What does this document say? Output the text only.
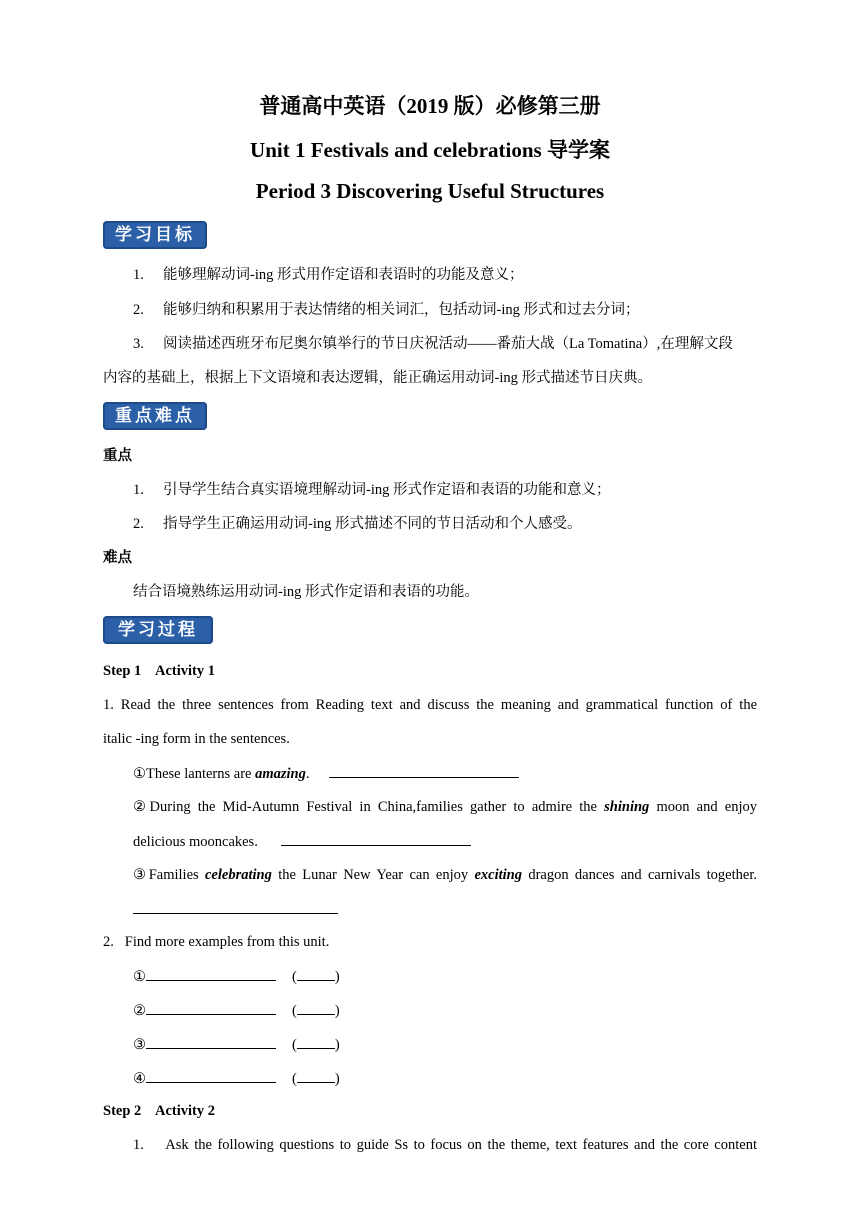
普通高中英语（2019 版）必修第三册
Unit 1 Festivals and celebrations 导学案
Period 3 Discovering Useful Structures
学习目标
1. 能够理解动词-ing 形式用作定语和表语时的功能及意义；
2. 能够归纳和积累用于表达情绪的相关词汇，包括动词-ing 形式和过去分词；
3. 阅读描述西班牙布尼奥尔镇举行的节日庆祝活动——番茄大战（La Tomatina）,在理解文段
内容的基础上，根据上下文语境和表达逻辑，能正确运用动词-ing 形式描述节日庆典。
重点难点
重点
1. 引导学生结合真实语境理解动词-ing 形式作定语和表语的功能和意义；
2. 指导学生正确运用动词-ing 形式描述不同的节日活动和个人感受。
难点
结合语境熟练运用动词-ing 形式作定语和表语的功能。
学习过程
Step 1    Activity 1
1. Read the three sentences from Reading text and discuss the meaning and grammatical function of the
italic -ing form in the sentences.
①These lanterns are amazing.
②During the Mid-Autumn Festival in China,families gather to admire the shining moon and enjoy
delicious mooncakes.
③Families celebrating the Lunar New Year can enjoy exciting dragon dances and carnivals together.
2.   Find more examples from this unit.
①	(	)
②	(	)
③	(	)
④	(	)
Step 2    Activity 2
1.    Ask the following questions to guide Ss to focus on the theme, text features and the core content
